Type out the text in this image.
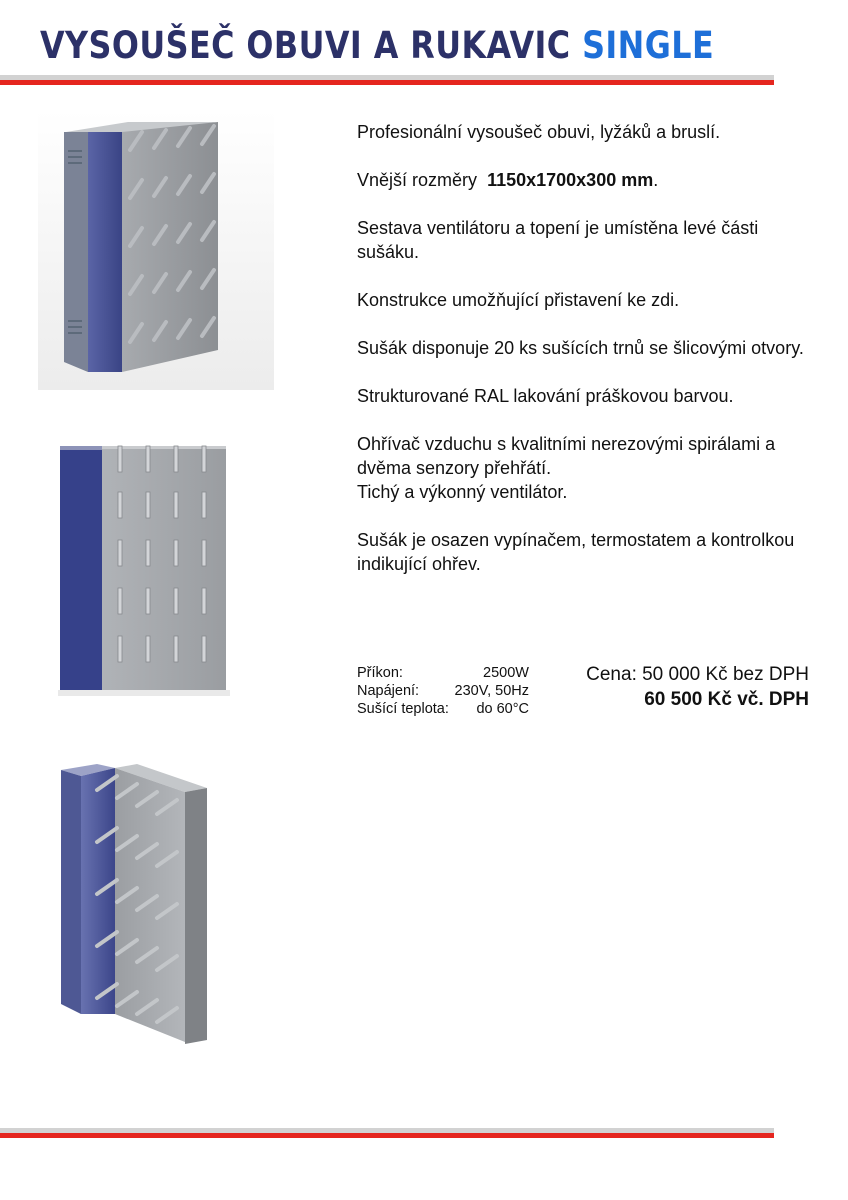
VYSOUŠEČ OBUVI A RUKAVIC SINGLE

Profesionální vysoušeč obuvi, lyžáků a bruslí.

Vnější rozměry 1150x1700x300 mm.

Sestava ventilátoru a topení je umístěna levé části sušáku.

Konstrukce umožňující přistavení ke zdi.

Sušák disponuje 20 ks sušících trnů se šlicovými otvory.

Strukturované RAL lakování práškovou barvou.

Ohřívač vzduchu s kvalitními nerezovými spirálami a dvěma senzory přehřátí.
Tichý a výkonný ventilátor.

Sušák je osazen vypínačem, termostatem a kontrolkou indikující ohřev.

Příkon:	2500W
Napájení: 230V, 50Hz
Sušící teplota: do 60°C
Cena: 50 000 Kč bez DPH
60 500 Kč vč. DPH
